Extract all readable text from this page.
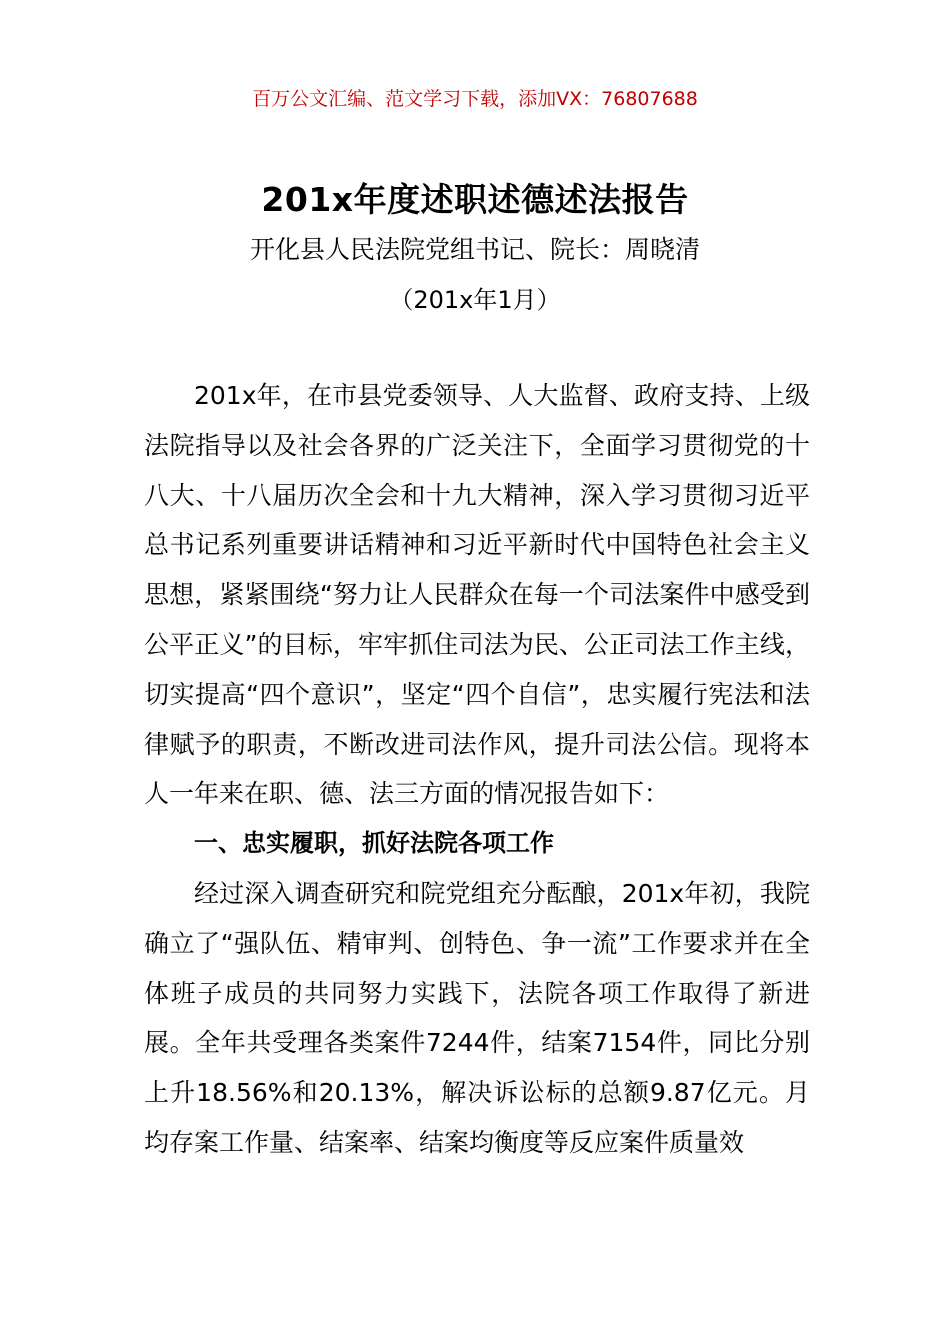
百万公文汇编、范文学习下载，添加VX：76807688
201x年度述职述德述法报告
开化县人民法院党组书记、院长：周晓清
（201x年1月）

201x年，在市县党委领导、人大监督、政府支持、上级法院指导以及社会各界的广泛关注下，全面学习贯彻党的十八大、十八届历次全会和十九大精神，深入学习贯彻习近平总书记系列重要讲话精神和习近平新时代中国特色社会主义思想，紧紧围绕“努力让人民群众在每一个司法案件中感受到公平正义”的目标，牢牢抓住司法为民、公正司法工作主线，切实提高“四个意识”，坚定“四个自信”，忠实履行宪法和法律赋予的职责，不断改进司法作风，提升司法公信。现将本人一年来在职、德、法三方面的情况报告如下：

一、忠实履职，抓好法院各项工作

经过深入调查研究和院党组充分酝酿，201x年初，我院确立了“强队伍、精审判、创特色、争一流”工作要求并在全体班子成员的共同努力实践下，法院各项工作取得了新进展。全年共受理各类案件7244件，结案7154件，同比分别上升18.56%和20.13%，解决诉讼标的总额9.87亿元。月均存案工作量、结案率、结案均衡度等反应案件质量效
